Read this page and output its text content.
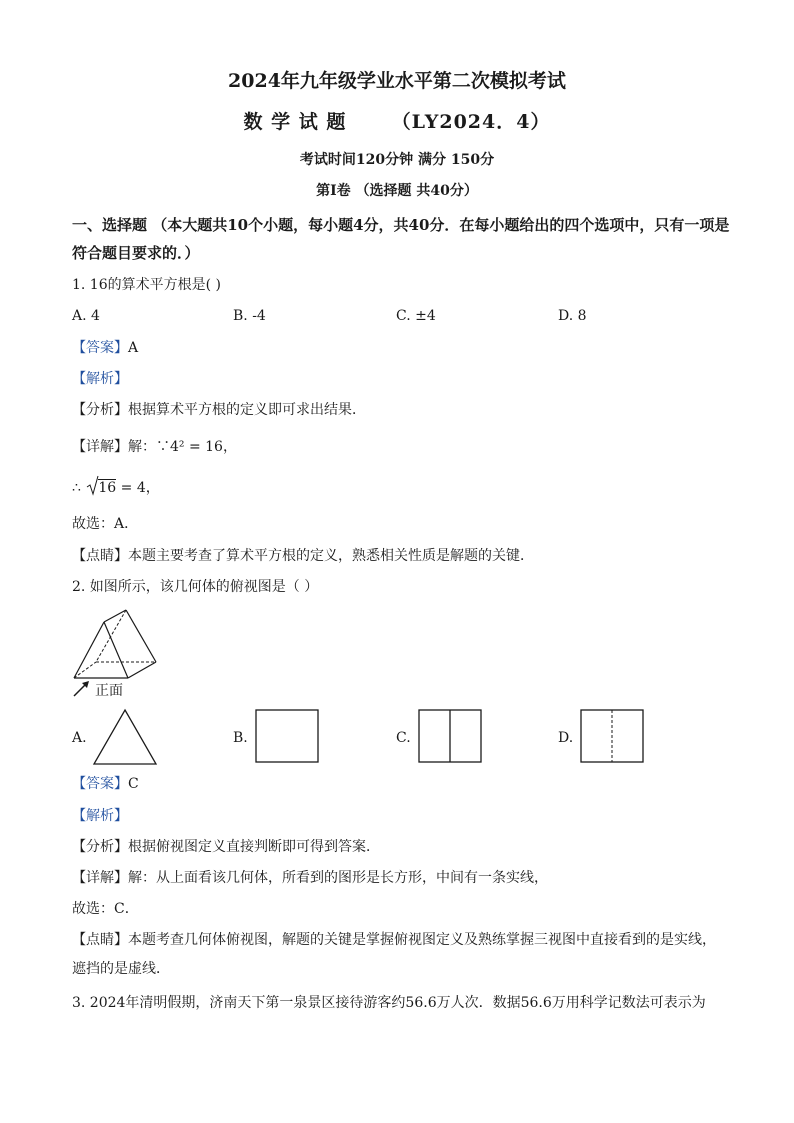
2024年九年级学业水平第二次模拟考试
数 学 试 题 （LY2024．4）
考试时间120分钟 满分 150分
第Ⅰ卷 （选择题 共40分）
一、选择题 （本大题共10个小题，每小题4分，共40分．在每小题给出的四个选项中，只有一项是符合题目要求的．）
1. 16的算术平方根是( )
A. 4	B. -4	C. ±4	D. 8
【答案】A
【解析】
【分析】根据算术平方根的定义即可求出结果．
【详解】解：∵4² = 16，
∴ 16 = 4，
故选：A．
【点睛】本题主要考查了算术平方根的定义，熟悉相关性质是解题的关键．
2. 如图所示，该几何体的俯视图是（ ）
正面
A.	B.	C.	D.
【答案】C
【解析】
【分析】根据俯视图定义直接判断即可得到答案．
【详解】解：从上面看该几何体，所看到的图形是长方形，中间有一条实线，
故选：C．
【点睛】本题考查几何体俯视图，解题的关键是掌握俯视图定义及熟练掌握三视图中直接看到的是实线，遮挡的是虚线．
3. 2024年清明假期，济南天下第一泉景区接待游客约56.6万人次．数据56.6万用科学记数法可表示为
